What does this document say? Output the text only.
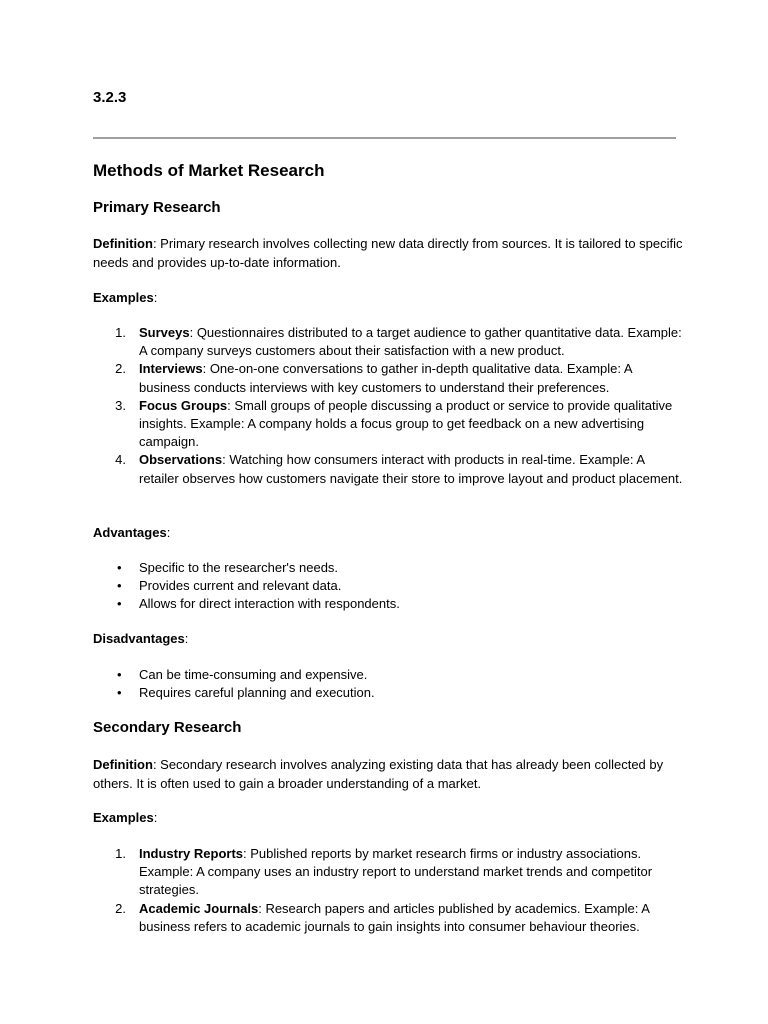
3.2.3
Methods of Market Research
Primary Research

Definition: Primary research involves collecting new data directly from sources. It is tailored to specific needs and provides up-to-date information.

Examples:
1. Surveys: Questionnaires distributed to a target audience to gather quantitative data. Example: A company surveys customers about their satisfaction with a new product.
2. Interviews: One-on-one conversations to gather in-depth qualitative data. Example: A business conducts interviews with key customers to understand their preferences.
3. Focus Groups: Small groups of people discussing a product or service to provide qualitative insights. Example: A company holds a focus group to get feedback on a new advertising campaign.
4. Observations: Watching how consumers interact with products in real-time. Example: A retailer observes how customers navigate their store to improve layout and product placement.
Advantages:
• Specific to the researcher's needs.
• Provides current and relevant data.
• Allows for direct interaction with respondents.
Disadvantages:
• Can be time-consuming and expensive.
• Requires careful planning and execution.
Secondary Research

Definition: Secondary research involves analyzing existing data that has already been collected by others. It is often used to gain a broader understanding of a market.

Examples:
1. Industry Reports: Published reports by market research firms or industry associations. Example: A company uses an industry report to understand market trends and competitor strategies.
2. Academic Journals: Research papers and articles published by academics. Example: A business refers to academic journals to gain insights into consumer behaviour theories.
